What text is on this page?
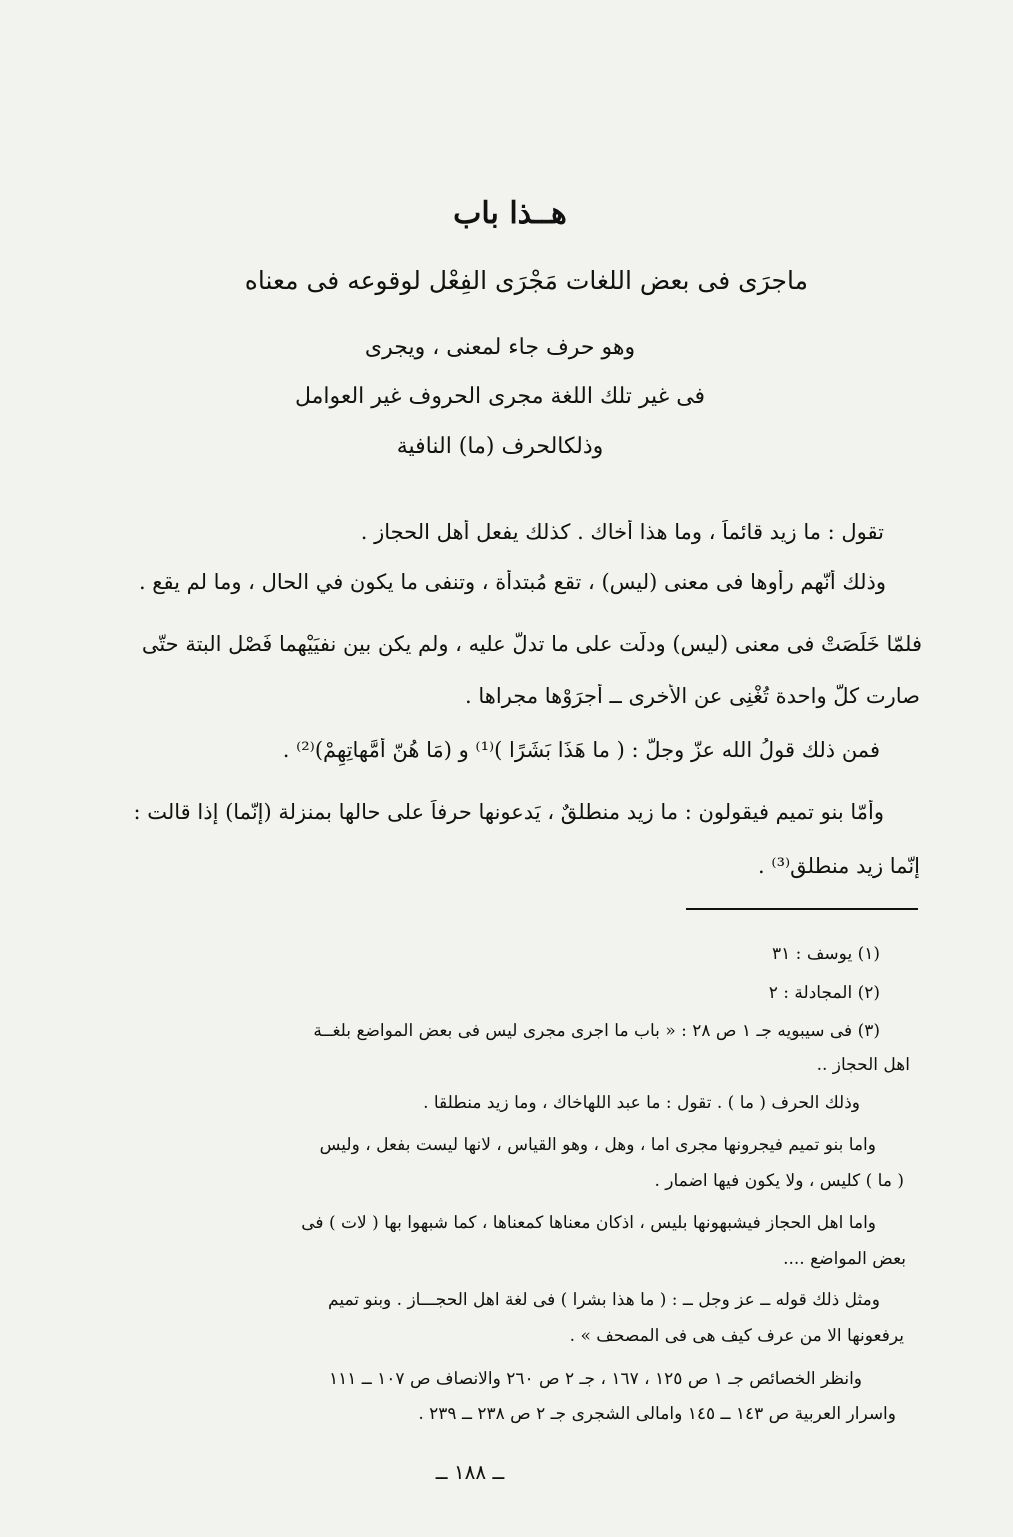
هــذا باب
ماجرَى فى بعض اللغات مَجْرَى الفِعْل لوقوعه فى معناه
وهو حرف جاء لمعنى ، ويجرى
فى غير تلك اللغة مجرى الحروف غير العوامل
وذلكالحرف (ما) النافية
تقول : ما زيد قائماً ، وما هذا أخاك . كذلك يفعل أهل الحجاز .
وذلك أنّهم رأوها فى معنى (ليس) ، تقع مُبتدأة ، وتنفى ما يكون في الحال ، وما لم يقع .
فلمّا خَلَصَتْ فى معنى (ليس) ودلّت على ما تدلّ عليه ، ولم يكن بين نفيَيْهما فَصْل البتة حتّى
صارت كلٌّ واحدة تُغْنِى عن الأُخرى ــ أجرَوْها مجراها .
فمن ذلك قولُ الله عزّ وجلّ : ( ما هَذَا بَشَرًا )⁽¹⁾ و (مَا هُنّ أُمَّهاتِهِمْ)⁽²⁾ .
وأمّا بنو تميم فيقولون : ما زيد منطلقٌ ، يَدعونها حرفاً على حالها بمنزلة (إنّما) إذا قالت :
إنّما زيد منطلق⁽³⁾ .
(١) يوسف : ٣١
(٢) المجادلة : ٢
(٣) فى سيبويه جـ ١ ص ٢٨ : « باب ما اجرى مجرى ليس فى بعض المواضع بلغــة
اهل الحجاز ..
وذلك الحرف ( ما ) . تقول : ما عبد اللهاخاك ، وما زيد منطلقا .
واما بنو تميم فيجرونها مجرى اما ، وهل ، وهو القياس ، لانها ليست بفعل ، وليس
( ما ) كليس ، ولا يكون فيها اضمار .
واما اهل الحجاز فيشبهونها بليس ، اذكان معناها كمعناها ، كما شبهوا بها ( لات ) فى
بعض المواضع ....
ومثل ذلك قوله ــ عز وجل ــ : ( ما هذا بشرا ) فى لغة اهل الحجـــاز . وبنو تميم
يرفعونها الا من عرف كيف هى فى المصحف » .
وانظر الخصائص جـ ١ ص ١٢٥ ، ١٦٧ ، جـ ٢ ص ٢٦٠ والانصاف ص ١٠٧ ــ ١١١
واسرار العربية ص ١٤٣ ــ ١٤٥ وامالى الشجرى جـ ٢ ص ٢٣٨ ــ ٢٣٩ .
ــ ١٨٨ ــ
